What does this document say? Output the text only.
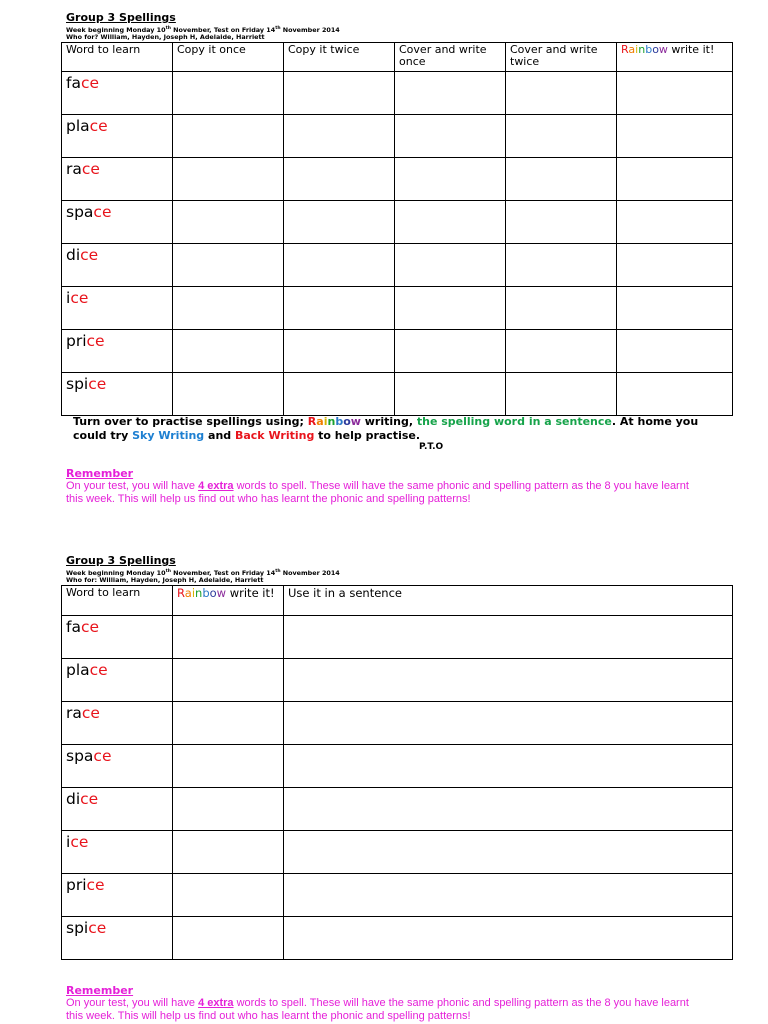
Group 3 Spellings
Week beginning Monday 10th November, Test on Friday 14th November 2014
Who for? William, Hayden, Joseph H, Adelaide, Harriett
Word to learn	Copy it once	Copy it twice	Cover and write once	Cover and write twice	Rainbow write it!
face					
place					
race					
space					
dice					
ice					
price					
spice					
Turn over to practise spellings using; Rainbow writing, the spelling word in a sentence. At home you could try Sky Writing and Back Writing to help practise.
P.T.O
Remember
On your test, you will have 4 extra words to spell. These will have the same phonic and spelling pattern as the 8 you have learnt this week. This will help us find out who has learnt the phonic and spelling patterns!
Group 3 Spellings
Week beginning Monday 10th November, Test on Friday 14th November 2014
Who for: William, Hayden, Joseph H, Adelaide, Harriett
Word to learn	Rainbow write it!	Use it in a sentence
face		
place		
race		
space		
dice		
ice		
price		
spice		
Remember
On your test, you will have 4 extra words to spell. These will have the same phonic and spelling pattern as the 8 you have learnt this week. This will help us find out who has learnt the phonic and spelling patterns!
